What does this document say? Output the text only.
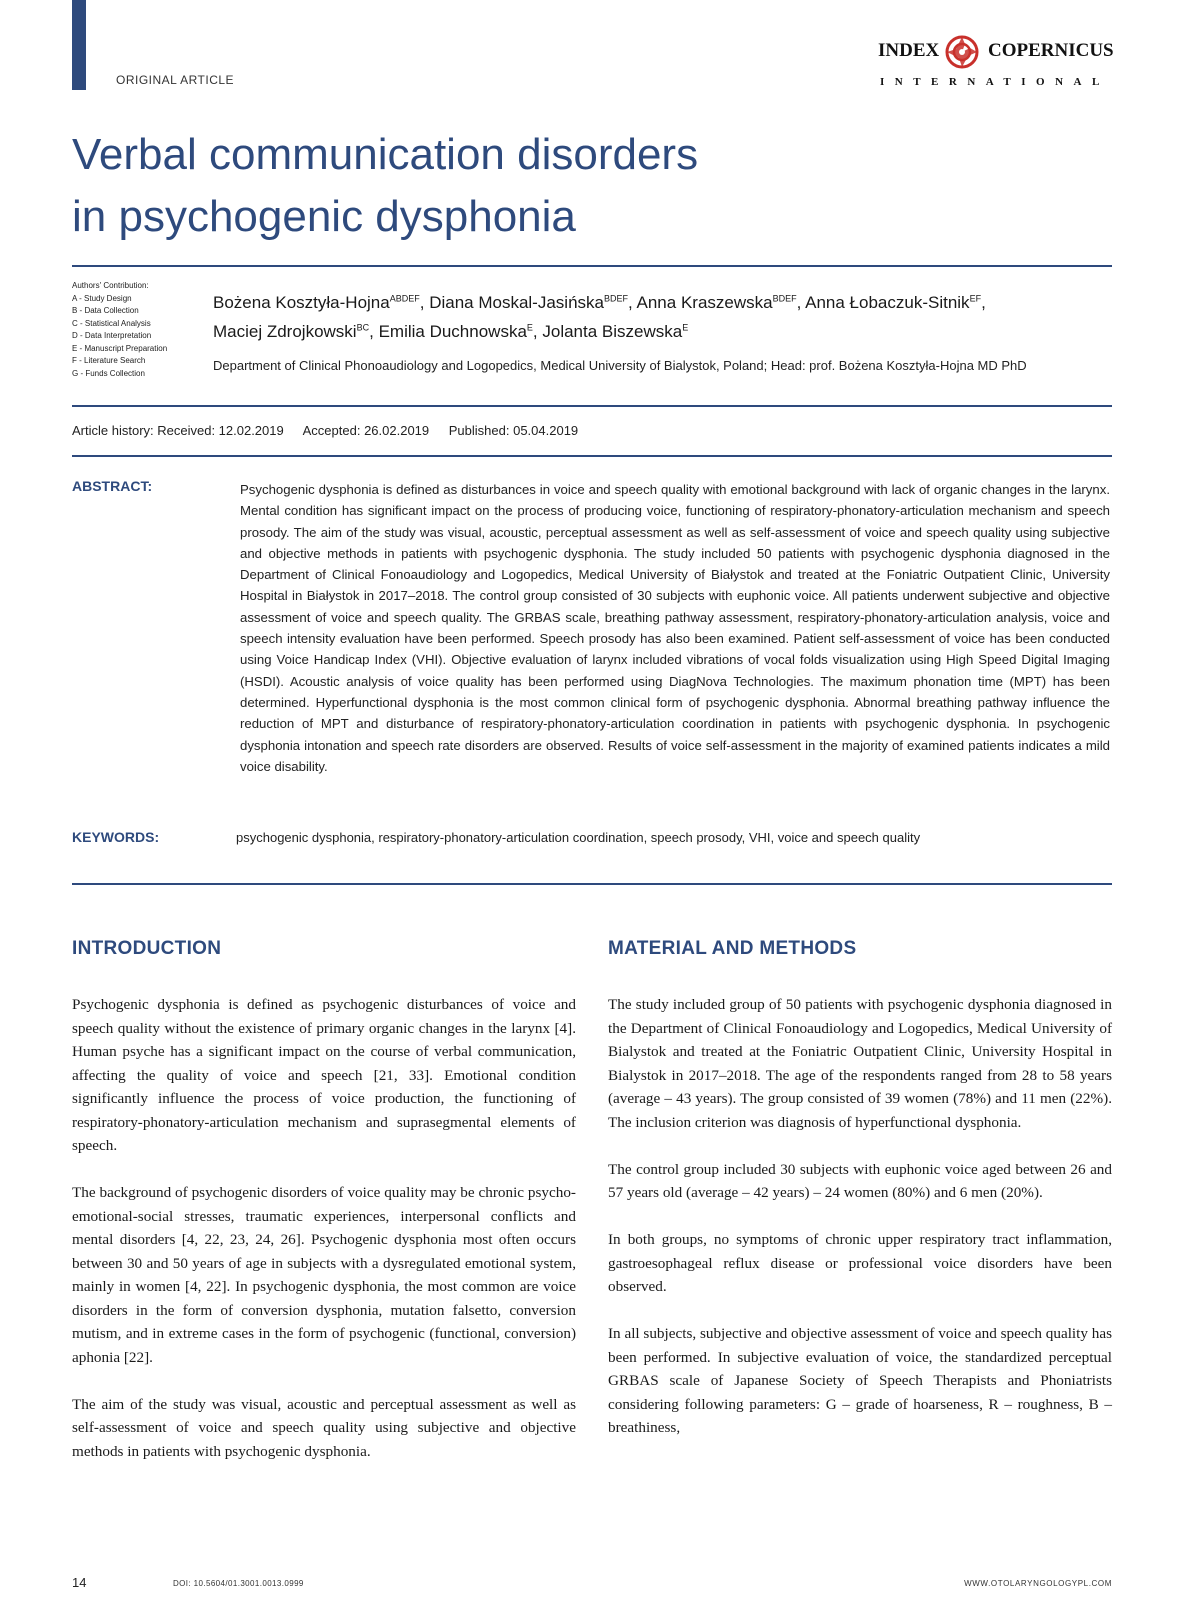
ORIGINAL ARTICLE
INDEX	COPERNICUS
INTERNATIONAL
Verbal communication disorders
in psychogenic dysphonia
Authors' Contribution:
A - Study Design
B - Data Collection
C - Statistical Analysis
D - Data Interpretation
E - Manuscript Preparation
F - Literature Search
G - Funds Collection
Bożena Kosztyła-Hojna$^{ABDEF}$, Diana Moskal-Jasińska$^{BDEF}$, Anna Kraszewska$^{BDEF}$, Anna Łobaczuk-Sitnik$^{EF}$,
Maciej Zdrojkowski$^{BC}$, Emilia Duchnowska$^E$, Jolanta Biszewska$^E$
Department of Clinical Phonoaudiology and Logopedics, Medical University of Bialystok, Poland; Head: prof. Bożena Kosztyła-Hojna MD PhD
Article history: Received: 12.02.2019 Accepted: 26.02.2019 Published: 05.04.2019
ABSTRACT:	Psychogenic dysphonia is defined as disturbances in voice and speech quality with emotional background with lack of organic changes in the larynx. Mental condition has significant impact on the process of producing voice, functioning of respiratory-phonatory-articulation mechanism and speech prosody. The aim of the study was visual, acoustic, perceptual assessment as well as self-assessment of voice and speech quality using subjective and objective methods in patients with psychogenic dysphonia. The study included 50 patients with psychogenic dysphonia diagnosed in the Department of Clinical Fonoaudiology and Logopedics, Medical University of Białystok and treated at the Foniatric Outpatient Clinic, University Hospital in Białystok in 2017–2018. The control group consisted of 30 subjects with euphonic voice. All patients underwent subjective and objective assessment of voice and speech quality. The GRBAS scale, breathing pathway assessment, respiratory-phonatory-articulation analysis, voice and speech intensity evaluation have been performed. Speech prosody has also been examined. Patient self-assessment of voice has been conducted using Voice Handicap Index (VHI). Objective evaluation of larynx included vibrations of vocal folds visualization using High Speed Digital Imaging (HSDI). Acoustic analysis of voice quality has been performed using DiagNova Technologies. The maximum phonation time (MPT) has been determined. Hyperfunctional dysphonia is the most common clinical form of psychogenic dysphonia. Abnormal breathing pathway influence the reduction of MPT and disturbance of respiratory-phonatory-articulation coordination in patients with psychogenic dysphonia. In psychogenic dysphonia intonation and speech rate disorders are observed. Results of voice self-assessment in the majority of examined patients indicates a mild voice disability.

KEYWORDS:	psychogenic dysphonia, respiratory-phonatory-articulation coordination, speech prosody, VHI, voice and speech quality
INTRODUCTION

Psychogenic dysphonia is defined as psychogenic disturbances of voice and speech quality without the existence of primary organic changes in the larynx [4]. Human psyche has a significant impact on the course of verbal communication, affecting the quality of voice and speech [21, 33]. Emotional condition significantly influence the process of voice production, the functioning of respiratory-phonatory-articulation mechanism and suprasegmental elements of speech.

The background of psychogenic disorders of voice quality may be chronic psycho-emotional-social stresses, traumatic experiences, interpersonal conflicts and mental disorders [4, 22, 23, 24, 26]. Psychogenic dysphonia most often occurs between 30 and 50 years of age in subjects with a dysregulated emotional system, mainly in women [4, 22]. In psychogenic dysphonia, the most common are voice disorders in the form of conversion dysphonia, mutation falsetto, conversion mutism, and in extreme cases in the form of psychogenic (functional, conversion) aphonia [22].

The aim of the study was visual, acoustic and perceptual assessment as well as self-assessment of voice and speech quality using subjective and objective methods in patients with psychogenic dysphonia.

MATERIAL AND METHODS

The study included group of 50 patients with psychogenic dysphonia diagnosed in the Department of Clinical Fonoaudiology and Logopedics, Medical University of Bialystok and treated at the Foniatric Outpatient Clinic, University Hospital in Bialystok in 2017–2018. The age of the respondents ranged from 28 to 58 years (average – 43 years). The group consisted of 39 women (78%) and 11 men (22%). The inclusion criterion was diagnosis of hyperfunctional dysphonia.

The control group included 30 subjects with euphonic voice aged between 26 and 57 years old (average – 42 years) – 24 women (80%) and 6 men (20%).

In both groups, no symptoms of chronic upper respiratory tract inflammation, gastroesophageal reflux disease or professional voice disorders have been observed.

In all subjects, subjective and objective assessment of voice and speech quality has been performed. In subjective evaluation of voice, the standardized perceptual GRBAS scale of Japanese Society of Speech Therapists and Phoniatrists considering following parameters: G – grade of hoarseness, R – roughness, B – breathiness,

14	DOI: 10.5604/01.3001.0013.0999	WWW.OTOLARYNGOLOGYPL.COM
